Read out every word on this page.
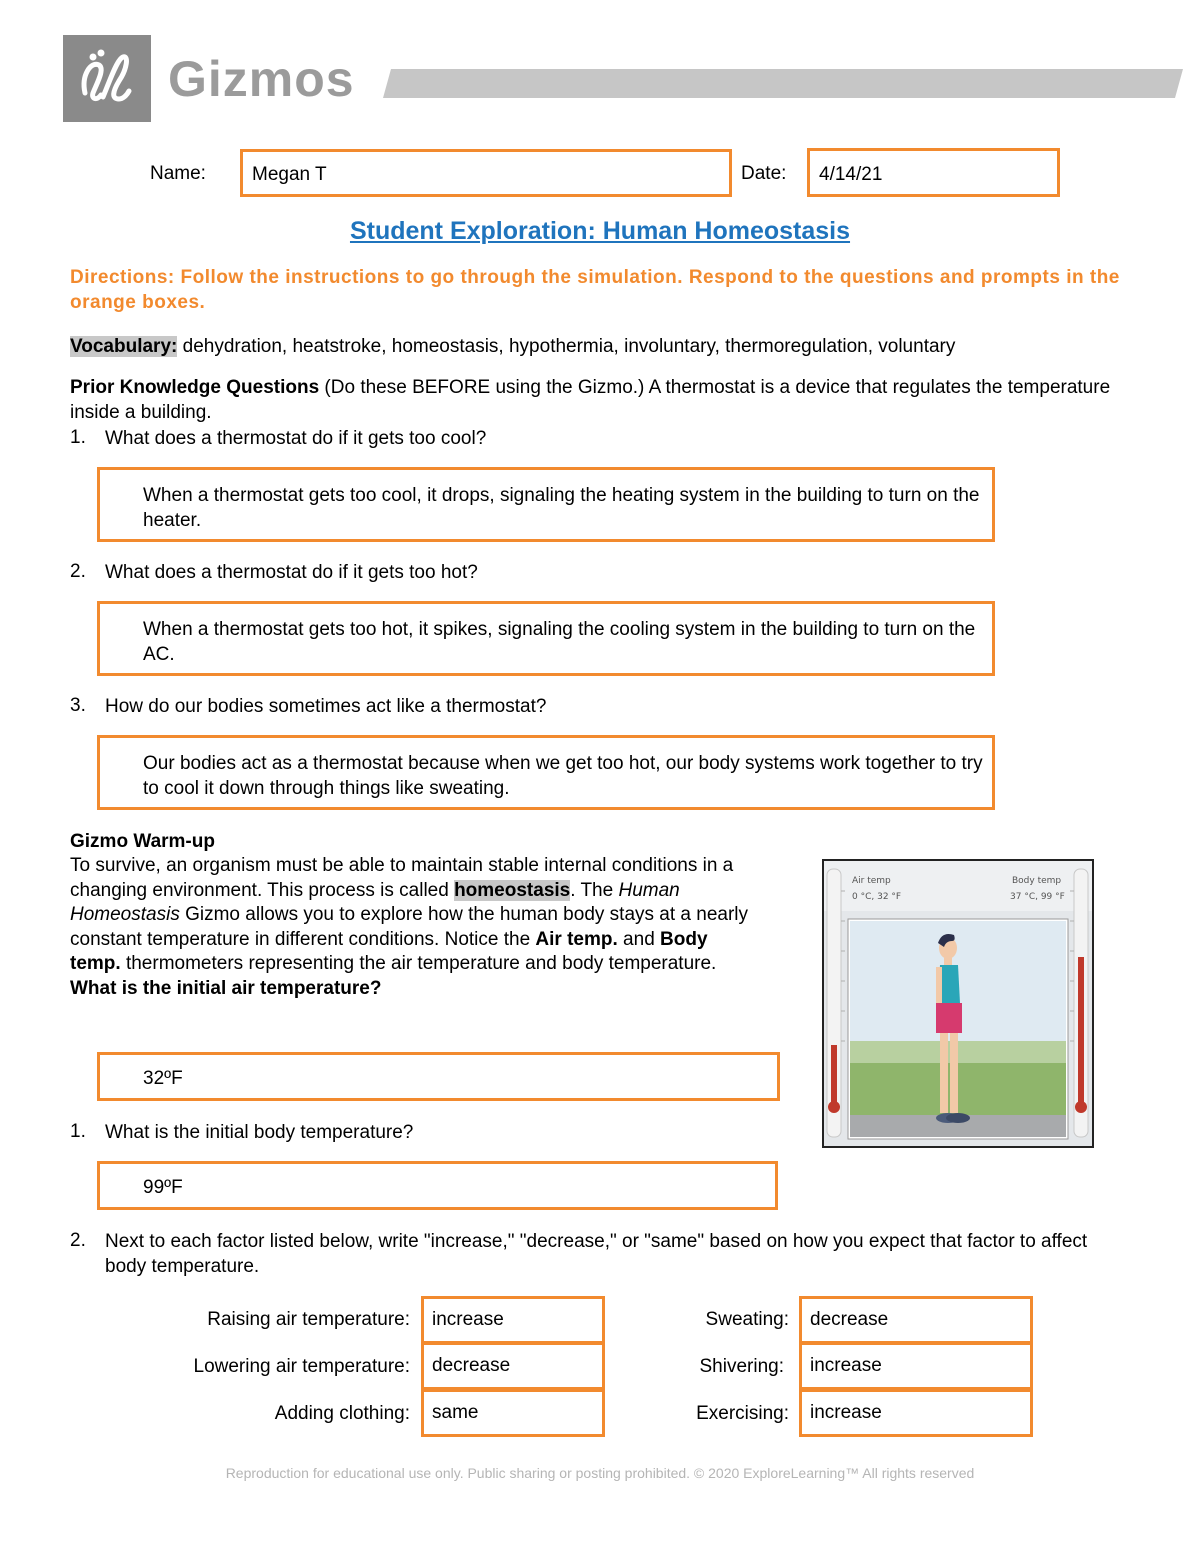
Gizmos
Name: Megan T	Date: 4/14/21
Student Exploration: Human Homeostasis
Directions: Follow the instructions to go through the simulation. Respond to the questions and prompts in the orange boxes.
Vocabulary: dehydration, heatstroke, homeostasis, hypothermia, involuntary, thermoregulation, voluntary
Prior Knowledge Questions (Do these BEFORE using the Gizmo.) A thermostat is a device that regulates the temperature inside a building.
1. What does a thermostat do if it gets too cool?
When a thermostat gets too cool, it drops, signaling the heating system in the building to turn on the heater.
2. What does a thermostat do if it gets too hot?
When a thermostat gets too hot, it spikes, signaling the cooling system in the building to turn on the AC.
3. How do our bodies sometimes act like a thermostat?
Our bodies act as a thermostat because when we get too hot, our body systems work together to try to cool it down through things like sweating.
Gizmo Warm-up
To survive, an organism must be able to maintain stable internal conditions in a changing environment. This process is called homeostasis. The Human Homeostasis Gizmo allows you to explore how the human body stays at a nearly constant temperature in different conditions. Notice the Air temp. and Body temp. thermometers representing the air temperature and body temperature. What is the initial air temperature?
32ºF
1. What is the initial body temperature?
99ºF
2. Next to each factor listed below, write "increase," "decrease," or "same" based on how you expect that factor to affect body temperature.
Air temp
0 °C, 32 °F
Body temp
37 °C, 99 °F
Raising air temperature:	increase
Lowering air temperature:	decrease
Adding clothing:	same
Sweating:	decrease
Shivering:	increase
Exercising:	increase
Reproduction for educational use only. Public sharing or posting prohibited. © 2020 ExploreLearning™ All rights reserved
